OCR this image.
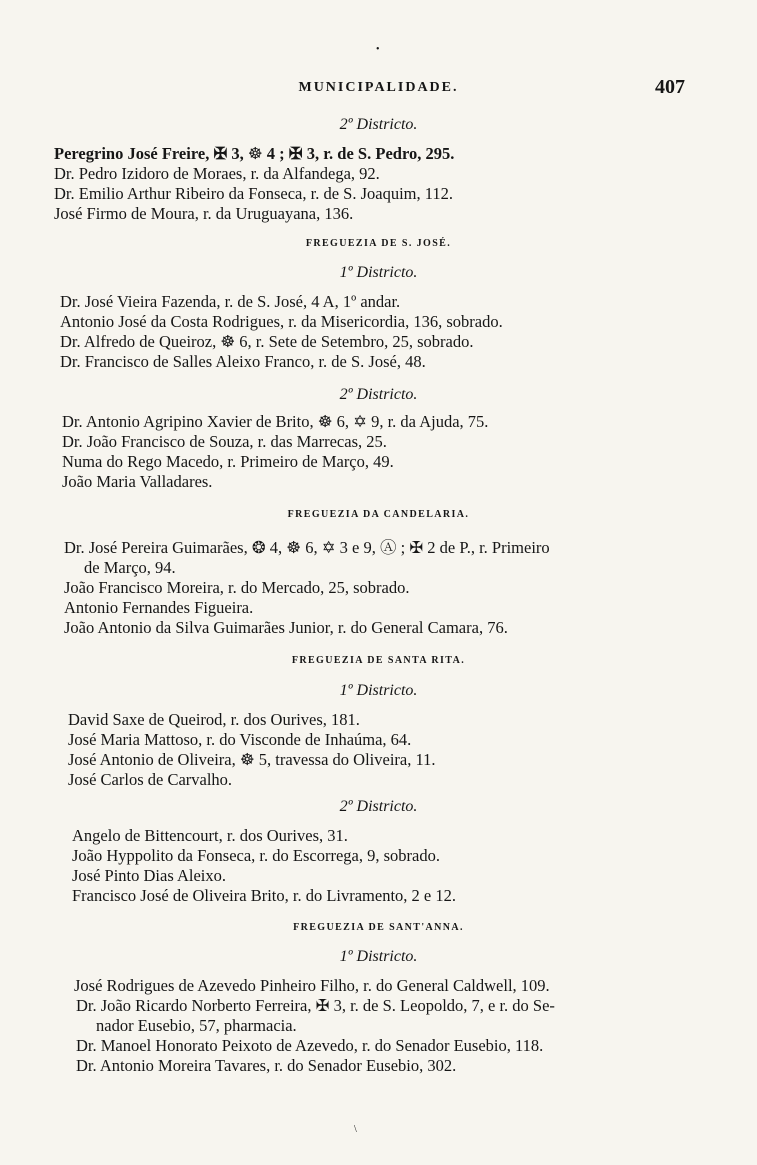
•
MUNICIPALIDADE.	407
2º Districto.
Peregrino José Freire, ✠ 3, ☸ 4 ; ✠ 3, r. de S. Pedro, 295.
Dr. Pedro Izidoro de Moraes, r. da Alfandega, 92.
Dr. Emilio Arthur Ribeiro da Fonseca, r. de S. Joaquim, 112.
José Firmo de Moura, r. da Uruguayana, 136.
FREGUEZIA DE S. JOSÉ.
1º Districto.
Dr. José Vieira Fazenda, r. de S. José, 4 A, 1º andar.
Antonio José da Costa Rodrigues, r. da Misericordia, 136, sobrado.
Dr. Alfredo de Queiroz, ☸ 6, r. Sete de Setembro, 25, sobrado.
Dr. Francisco de Salles Aleixo Franco, r. de S. José, 48.
2º Districto.
Dr. Antonio Agripino Xavier de Brito, ☸ 6, ✡ 9, r. da Ajuda, 75.
Dr. João Francisco de Souza, r. das Marrecas, 25.
Numa do Rego Macedo, r. Primeiro de Março, 49.
João Maria Valladares.
FREGUEZIA DA CANDELARIA.
Dr. José Pereira Guimarães, ❂ 4, ☸ 6, ✡ 3 e 9, Ⓐ ; ✠ 2 de P., r. Primeiro
de Março, 94.
João Francisco Moreira, r. do Mercado, 25, sobrado.
Antonio Fernandes Figueira.
João Antonio da Silva Guimarães Junior, r. do General Camara, 76.
FREGUEZIA DE SANTA RITA.
1º Districto.
David Saxe de Queirod, r. dos Ourives, 181.
José Maria Mattoso, r. do Visconde de Inhaúma, 64.
José Antonio de Oliveira, ☸ 5, travessa do Oliveira, 11.
José Carlos de Carvalho.
2º Districto.
Angelo de Bittencourt, r. dos Ourives, 31.
João Hyppolito da Fonseca, r. do Escorrega, 9, sobrado.
José Pinto Dias Aleixo.
Francisco José de Oliveira Brito, r. do Livramento, 2 e 12.
FREGUEZIA DE SANT'ANNA.
1º Districto.
José Rodrigues de Azevedo Pinheiro Filho, r. do General Caldwell, 109.
Dr. João Ricardo Norberto Ferreira, ✠ 3, r. de S. Leopoldo, 7, e r. do Se-
nador Eusebio, 57, pharmacia.
Dr. Manoel Honorato Peixoto de Azevedo, r. do Senador Eusebio, 118.
Dr. Antonio Moreira Tavares, r. do Senador Eusebio, 302.
\
